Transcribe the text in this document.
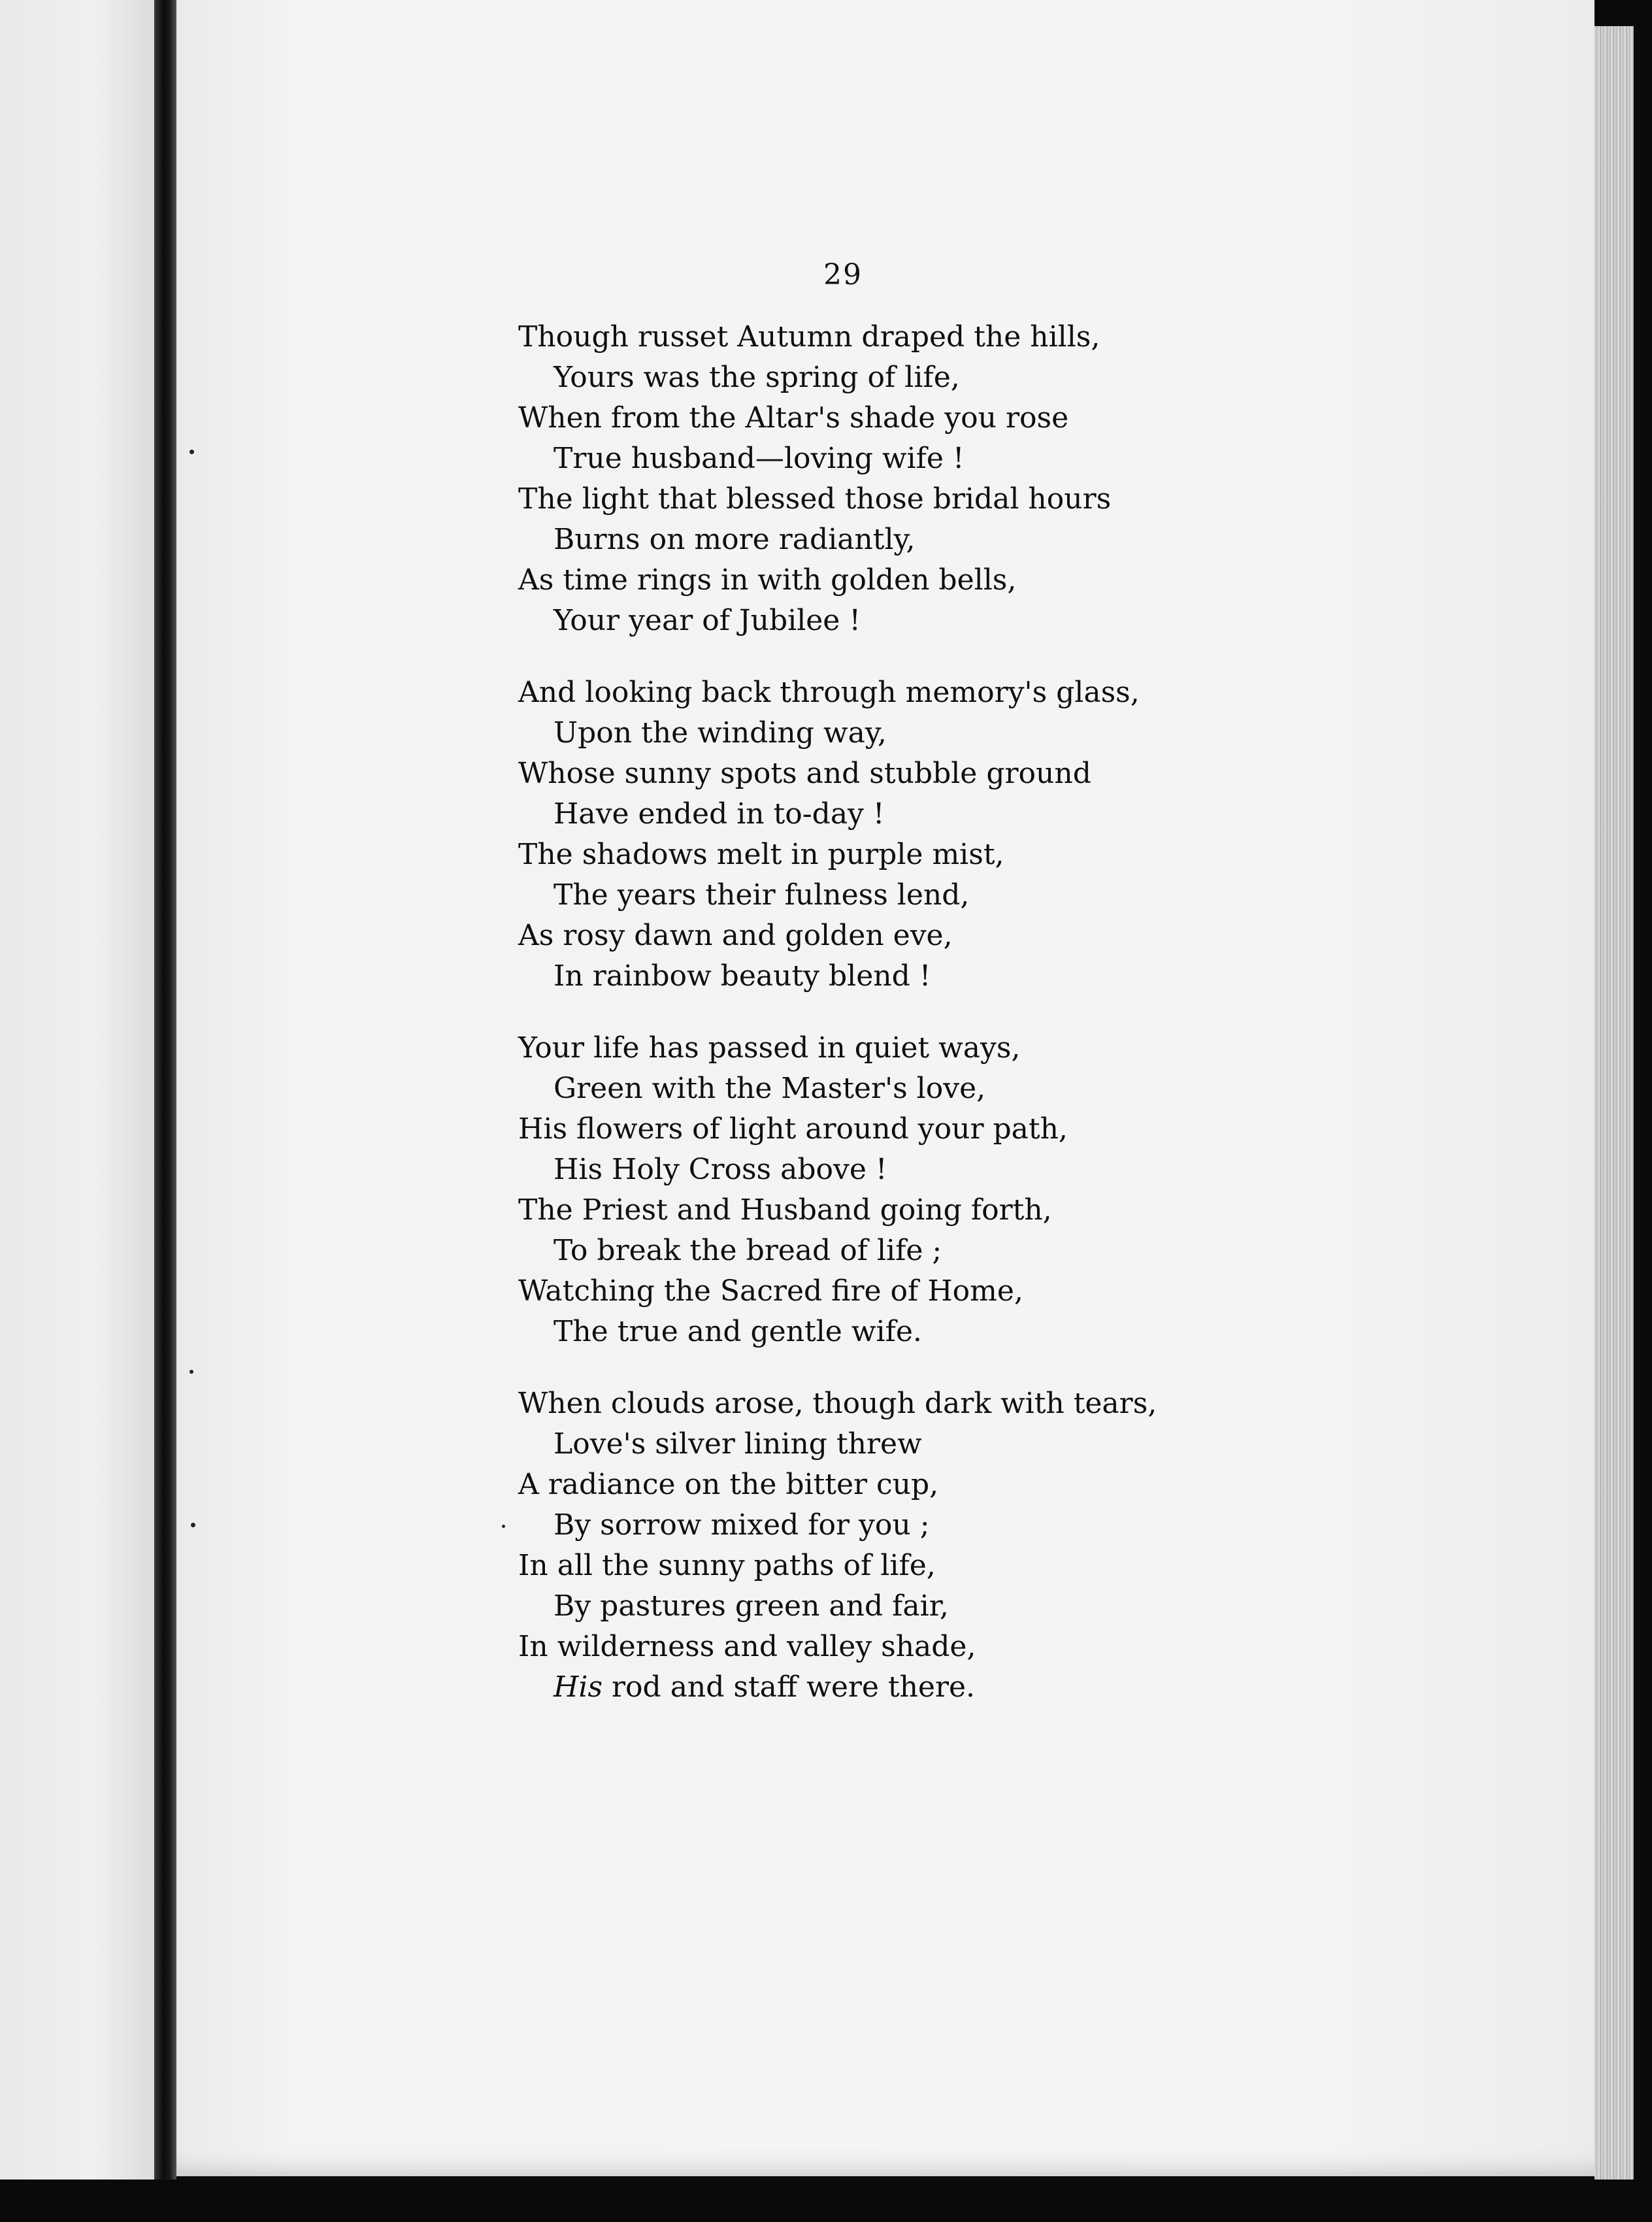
29
Though russet Autumn draped the hills,
Yours was the spring of life,
When from the Altar's shade you rose
True husband—loving wife !
The light that blessed those bridal hours
Burns on more radiantly,
As time rings in with golden bells,
Your year of Jubilee !
And looking back through memory's glass,
Upon the winding way,
Whose sunny spots and stubble ground
Have ended in to-day !
The shadows melt in purple mist,
The years their fulness lend,
As rosy dawn and golden eve,
In rainbow beauty blend !
Your life has passed in quiet ways,
Green with the Master's love,
His flowers of light around your path,
His Holy Cross above !
The Priest and Husband going forth,
To break the bread of life ;
Watching the Sacred fire of Home,
The true and gentle wife.
When clouds arose, though dark with tears,
Love's silver lining threw
A radiance on the bitter cup,
By sorrow mixed for you ;
In all the sunny paths of life,
By pastures green and fair,
In wilderness and valley shade,
His rod and staff were there.
